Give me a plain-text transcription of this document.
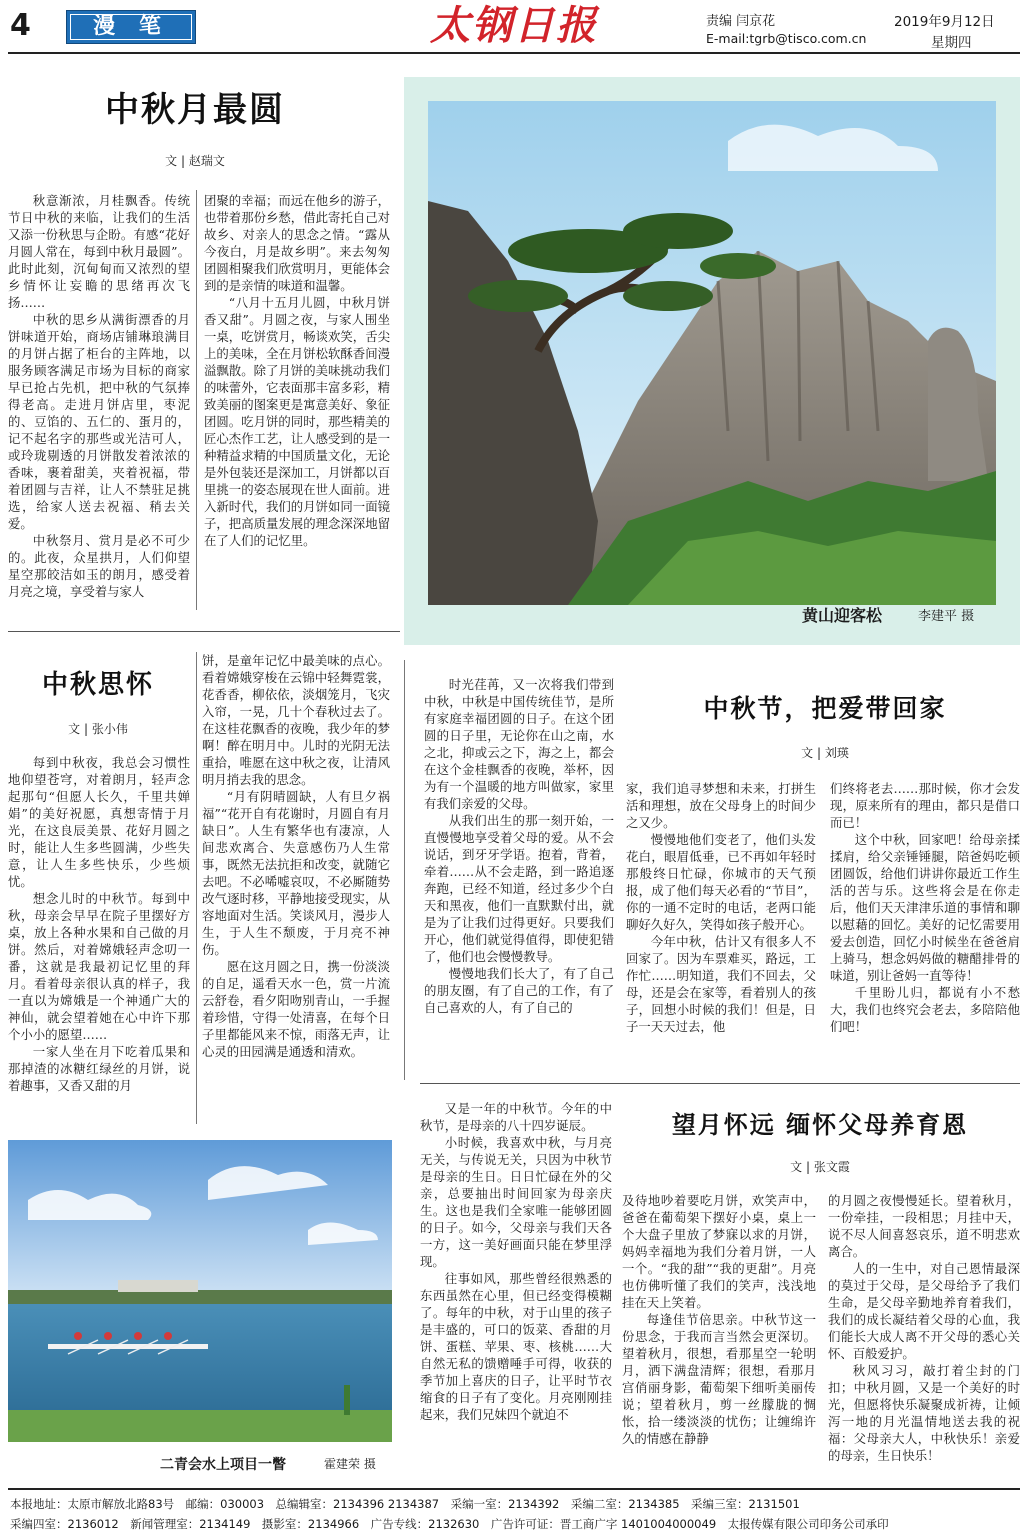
4	漫 笔	太钢日报	责编 闫京花
E-mail:tgrb@tisco.com.cn
2019年9月12日
星期四
中秋月最圆
文 | 赵瑞文

秋意渐浓，月桂飘香。传统节日中秋的来临，让我们的生活又添一份秋思与企盼。有感“花好月圆人常在，每到中秋月最圆”。此时此刻，沉甸甸而又浓烈的望乡情怀让妄瞻的思绪再次飞扬……

中秋的思乡从满街漂香的月饼味道开始，商场店铺琳琅满目的月饼占据了柜台的主阵地，以服务顾客满足市场为目标的商家早已抢占先机，把中秋的气氛捧得老高。走进月饼店里，枣泥的、豆馅的、五仁的、蛋月的，记不起名字的那些或光洁可人，或玲珑剔透的月饼散发着浓浓的香味，裹着甜美，夹着祝福，带着团圆与吉祥，让人不禁驻足挑选，给家人送去祝福、稍去关爱。

中秋祭月、赏月是必不可少的。此夜，众星拱月，人们仰望星空那皎洁如玉的朗月，感受着月亮之境，享受着与家人

团聚的幸福；而远在他乡的游子，也带着那份乡愁，借此寄托自己对故乡、对亲人的思念之情。“露从今夜白，月是故乡明”。来去匆匆团圆相聚我们欣赏明月，更能体会到的是亲情的味道和温馨。

“八月十五月儿圆，中秋月饼香又甜”。月圆之夜，与家人围坐一桌，吃饼赏月，畅谈欢笑，舌尖上的美味，全在月饼松软酥香间漫溢飘散。除了月饼的美味挑动我们的味蕾外，它表面那丰富多彩，精致美丽的图案更是寓意美好、象征团圆。吃月饼的同时，那些精美的匠心杰作工艺，让人感受到的是一种精益求精的中国质量文化，无论是外包装还是深加工，月饼都以百里挑一的姿态展现在世人面前。进入新时代，我们的月饼如同一面镜子，把高质量发展的理念深深地留在了人们的记忆里。

黄山迎客松	李建平 摄
中秋思怀
文 | 张小伟

每到中秋夜，我总会习惯性地仰望苍穹，对着朗月，轻声念起那句“但愿人长久，千里共婵娟”的美好祝愿，真想寄情于月光，在这良辰美景、花好月圆之时，能让人生多些圆满，少些失意，让人生多些快乐，少些烦忧。

想念儿时的中秋节。每到中秋，母亲会早早在院子里摆好方桌，放上各种水果和自己做的月饼。然后，对着嫦娥轻声念叨一番，这就是我最初记忆里的拜月。看着母亲很认真的样子，我一直以为嫦娥是一个神通广大的神仙，就会望着她在心中许下那个小小的愿望……

一家人坐在月下吃着瓜果和那掉渣的冰糖红绿丝的月饼，说着趣事，又香又甜的月

饼，是童年记忆中最美味的点心。看着嫦娥穿梭在云锦中轻舞霓裳，花香香，柳依依，淡烟笼月，飞灾入帘，一晃，几十个春秋过去了。在这桂花飘香的夜晚，我少年的梦啊！醉在明月中。儿时的光阴无法重拾，唯愿在这中秋之夜，让清风明月捎去我的思念。

“月有阴晴圆缺，人有旦夕祸福”“花开自有花谢时，月圆自有月缺日”。人生有繁华也有凄凉，人间悲欢离合、失意感伤乃人生常事，既然无法抗拒和改变，就随它去吧。不必唏嘘哀叹，不必厮随势改气逐时移，平静地接受现实，从容地面对生活。笑谈风月，漫步人生，于人生不颓废，于月亮不神伤。

愿在这月圆之日，携一份淡淡的自足，遥看天水一色，赏一片流云舒卷，看夕阳吻别青山，一手握着珍惜，守得一处清喜，在每个日子里都能风来不惊，雨落无声，让心灵的田园满是通透和清欢。

时光荏苒，又一次将我们带到中秋，中秋是中国传统佳节，是所有家庭幸福团圆的日子。在这个团圆的日子里，无论你在山之南，水之北，抑或云之下，海之上，都会在这个金桂飘香的夜晚，举杯，因为有一个温暖的地方叫做家，家里有我们亲爱的父母。

从我们出生的那一刻开始，一直慢慢地享受着父母的爱。从不会说话，到牙牙学语。抱着，背着，牵着……从不会走路，到一路追逐奔跑，已经不知道，经过多少个白天和黑夜，他们一直默默付出，就是为了让我们过得更好。只要我们开心，他们就觉得值得，即使犯错了，他们也会慢慢教导。

慢慢地我们长大了，有了自己的朋友圈，有了自己的工作，有了自己喜欢的人，有了自己的

中秋节，把爱带回家
文 | 刘瑛

家，我们追寻梦想和未来，打拼生活和理想，放在父母身上的时间少之又少。

慢慢地他们变老了，他们头发花白，眼眉低垂，已不再如年轻时那般终日忙碌，你城市的天气预报，成了他们每天必看的“节目”，你的一通不定时的电话，老两口能聊好久好久，笑得如孩子般开心。

今年中秋，估计又有很多人不回家了。因为车票难买，路远，工作忙……明知道，我们不回去，父母，还是会在家等，看着别人的孩子，回想小时候的我们！但是，日子一天天过去，他

们终将老去……那时候，你才会发现，原来所有的理由，都只是借口而已！

这个中秋，回家吧！给母亲揉揉肩，给父亲锤锤腿，陪爸妈吃顿团圆饭，给他们讲讲你最近工作生活的苦与乐。这些将会是在你走后，他们天天津津乐道的事情和聊以慰藉的回忆。美好的记忆需要用爱去创造，回忆小时候坐在爸爸肩上骑马，想念妈妈做的糖醋排骨的味道，别让爸妈一直等待！

千里盼儿归，都说有小不愁大，我们也终究会老去，多陪陪他们吧！

二青会水上项目一瞥	霍建荣 摄

又是一年的中秋节。今年的中秋节，是母亲的八十四岁诞辰。

小时候，我喜欢中秋，与月亮无关，与传说无关，只因为中秋节是母亲的生日。日日忙碌在外的父亲，总要抽出时间回家为母亲庆生。这也是我们全家唯一能够团圆的日子。如今，父母亲与我们天各一方，这一美好画面只能在梦里浮现。

往事如风，那些曾经很熟悉的东西虽然在心里，但已经变得模糊了。每年的中秋，对于山里的孩子是丰盛的，可口的饭菜、香甜的月饼、蛋糕、苹果、枣、核桃……大自然无私的馈赠唾手可得，收获的季节加上喜庆的日子，让平时节衣缩食的日子有了变化。月亮刚刚挂起来，我们兄妹四个就迫不

望月怀远 缅怀父母养育恩
文 | 张文霞

及待地吵着要吃月饼，欢笑声中，爸爸在葡萄架下摆好小桌，桌上一个大盘子里放了梦寐以求的月饼，妈妈幸福地为我们分着月饼，一人一个。“我的甜”“我的更甜”。月亮也仿佛听懂了我们的笑声，浅浅地挂在天上笑着。

每逢佳节倍思亲。中秋节这一份思念，于我而言当然会更深切。望着秋月，很想，看那星空一轮明月，洒下满盘清辉；很想，看那月宫俏丽身影，葡萄架下细听美丽传说；望着秋月，剪一丝朦胧的惆怅，拾一缕淡淡的忧伤；让缠绵许久的情感在静静

的月圆之夜慢慢延长。望着秋月，一份牵挂，一段相思；月挂中天，说不尽人间喜怒哀乐，道不明悲欢离合。

人的一生中，对自己恩情最深的莫过于父母，是父母给予了我们生命，是父母辛勤地养育着我们，我们的成长凝结着父母的心血，我们能长大成人离不开父母的悉心关怀、百般爱护。

秋风习习，敲打着尘封的门扣；中秋月圆，又是一个美好的时光，但愿将快乐凝聚成祈祷，让倾泻一地的月光温情地送去我的祝福：父母亲大人，中秋快乐！亲爱的母亲，生日快乐！

本报地址：太原市解放北路83号　邮编：030003　总编辑室：2134396 2134387　采编一室：2134392　采编二室：2134385　采编三室：2131501
采编四室：2136012　新闻管理室：2134149　摄影室：2134966　广告专线：2132630　广告许可证：晋工商广字 1401004000049　太报传媒有限公司印务公司承印
